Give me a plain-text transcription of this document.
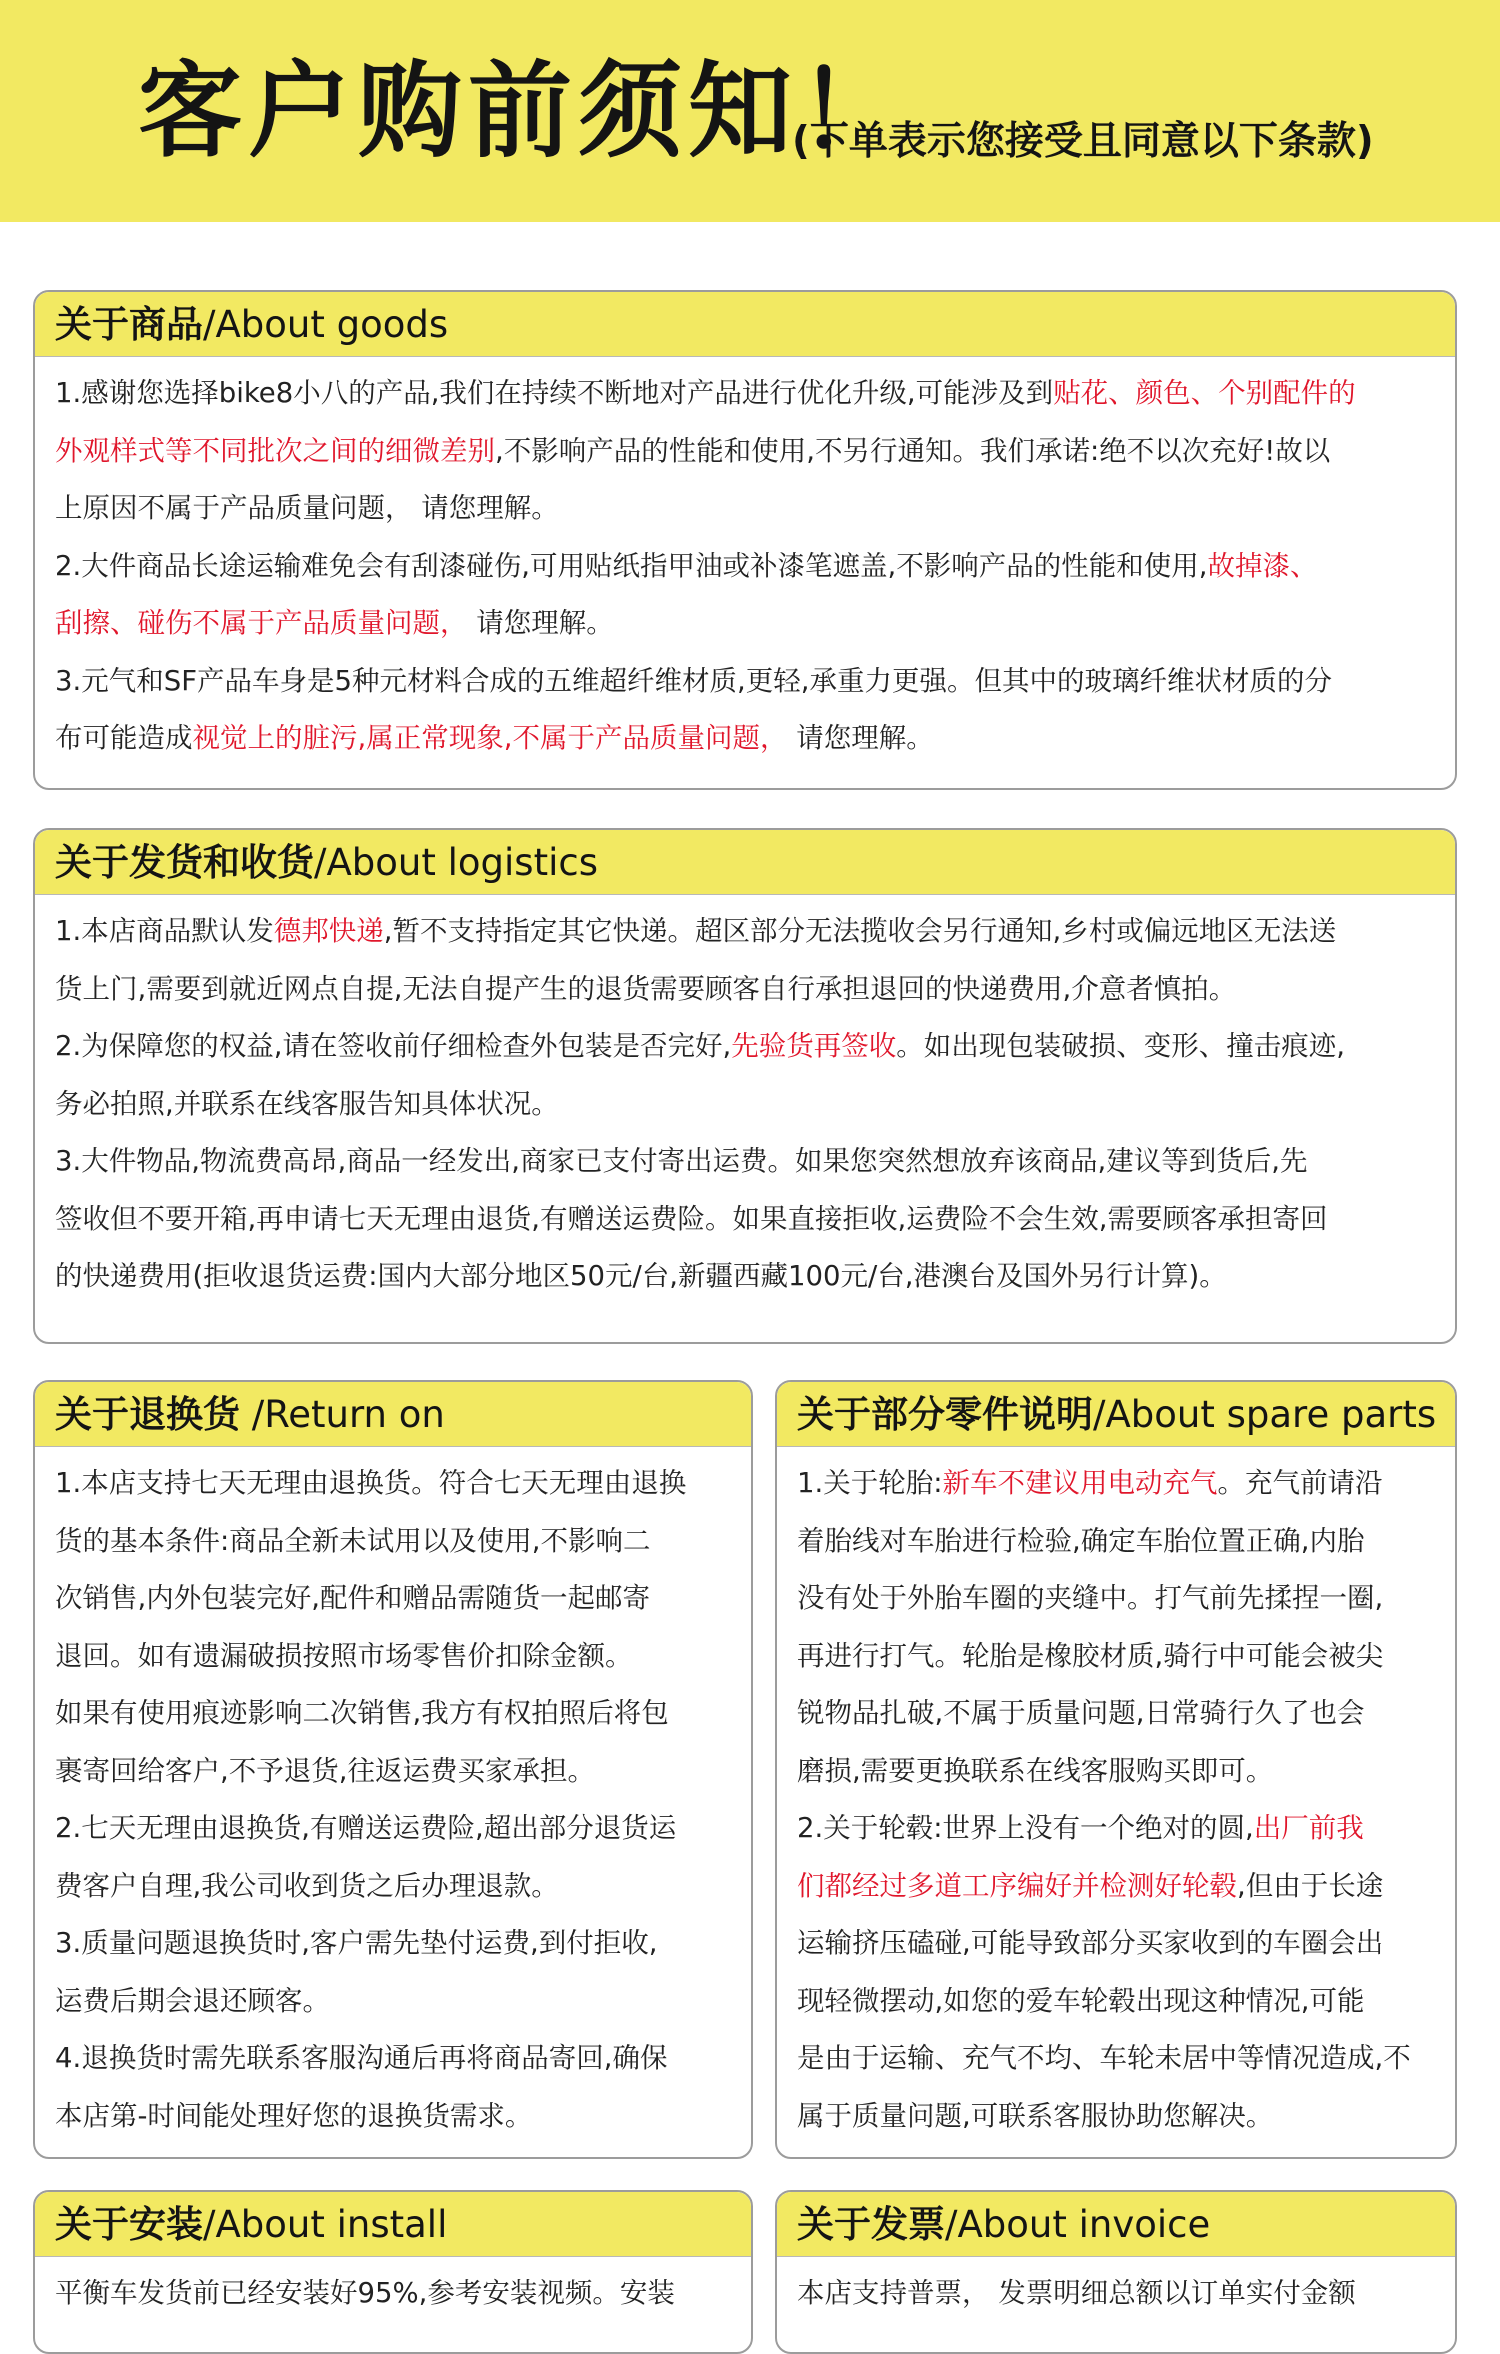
客户购前须知！
(下单表示您接受且同意以下条款)
关于商品/About goods
1.感谢您选择bike8小八的产品,我们在持续不断地对产品进行优化升级,可能涉及到贴花、颜色、个别配件的
外观样式等不同批次之间的细微差别,不影响产品的性能和使用,不另行通知。我们承诺:绝不以次充好!故以
上原因不属于产品质量问题， 请您理解。
2.大件商品长途运输难免会有刮漆碰伤,可用贴纸指甲油或补漆笔遮盖,不影响产品的性能和使用,故掉漆、
刮擦、碰伤不属于产品质量问题， 请您理解。
3.元气和SF产品车身是5种元材料合成的五维超纤维材质,更轻,承重力更强。但其中的玻璃纤维状材质的分
布可能造成视觉上的脏污,属正常现象,不属于产品质量问题， 请您理解。
关于发货和收货/About logistics
1.本店商品默认发德邦快递,暂不支持指定其它快递。超区部分无法揽收会另行通知,乡村或偏远地区无法送
货上门,需要到就近网点自提,无法自提产生的退货需要顾客自行承担退回的快递费用,介意者慎拍。
2.为保障您的权益,请在签收前仔细检查外包装是否完好,先验货再签收。如出现包装破损、变形、撞击痕迹,
务必拍照,并联系在线客服告知具体状况。
3.大件物品,物流费高昂,商品一经发出,商家已支付寄出运费。如果您突然想放弃该商品,建议等到货后,先
签收但不要开箱,再申请七天无理由退货,有赠送运费险。如果直接拒收,运费险不会生效,需要顾客承担寄回
的快递费用(拒收退货运费:国内大部分地区50元/台,新疆西藏100元/台,港澳台及国外另行计算)。
关于退换货 /Return on
1.本店支持七天无理由退换货。符合七天无理由退换
货的基本条件:商品全新未试用以及使用,不影响二
次销售,内外包装完好,配件和赠品需随货一起邮寄
退回。如有遗漏破损按照市场零售价扣除金额。
如果有使用痕迹影响二次销售,我方有权拍照后将包
裹寄回给客户,不予退货,往返运费买家承担。
2.七天无理由退换货,有赠送运费险,超出部分退货运
费客户自理,我公司收到货之后办理退款。
3.质量问题退换货时,客户需先垫付运费,到付拒收,
运费后期会退还顾客。
4.退换货时需先联系客服沟通后再将商品寄回,确保
本店第-时间能处理好您的退换货需求。
关于部分零件说明/About spare parts
1.关于轮胎:新车不建议用电动充气。充气前请沿
着胎线对车胎进行检验,确定车胎位置正确,内胎
没有处于外胎车圈的夹缝中。打气前先揉捏一圈,
再进行打气。轮胎是橡胶材质,骑行中可能会被尖
锐物品扎破,不属于质量问题,日常骑行久了也会
磨损,需要更换联系在线客服购买即可。
2.关于轮毂:世界上没有一个绝对的圆,出厂前我
们都经过多道工序编好并检测好轮毂,但由于长途
运输挤压磕碰,可能导致部分买家收到的车圈会出
现轻微摆动,如您的爱车轮毂出现这种情况,可能
是由于运输、充气不均、车轮未居中等情况造成,不
属于质量问题,可联系客服协助您解决。
关于安装/About install
平衡车发货前已经安装好95%,参考安装视频。安装
关于发票/About invoice
本店支持普票， 发票明细总额以订单实付金额
